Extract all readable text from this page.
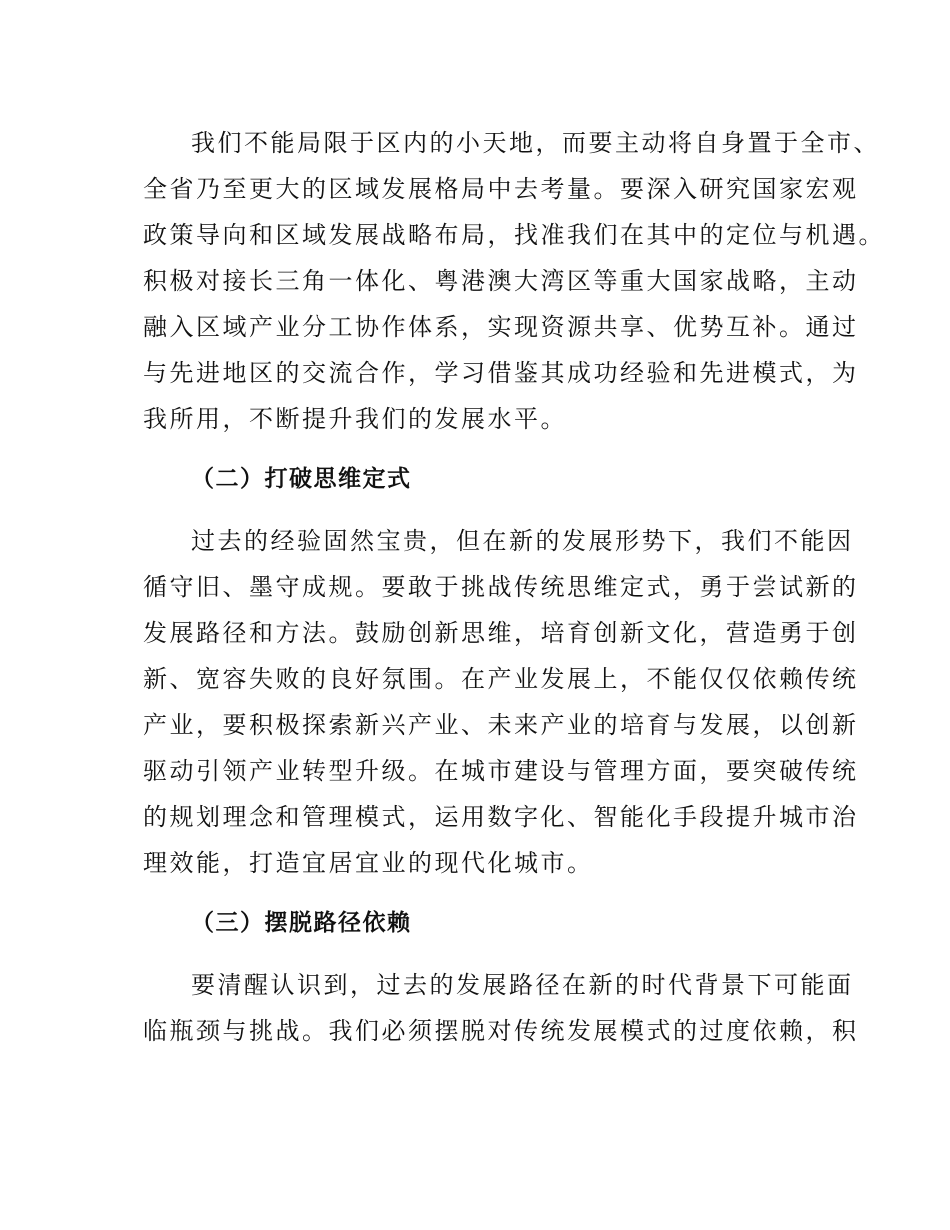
我们不能局限于区内的小天地，而要主动将自身置于全市、
全省乃至更大的区域发展格局中去考量。要深入研究国家宏观
政策导向和区域发展战略布局，找准我们在其中的定位与机遇。
积极对接长三角一体化、粤港澳大湾区等重大国家战略，主动
融入区域产业分工协作体系，实现资源共享、优势互补。通过
与先进地区的交流合作，学习借鉴其成功经验和先进模式，为
我所用，不断提升我们的发展水平。

（二）打破思维定式

过去的经验固然宝贵，但在新的发展形势下，我们不能因
循守旧、墨守成规。要敢于挑战传统思维定式，勇于尝试新的
发展路径和方法。鼓励创新思维，培育创新文化，营造勇于创
新、宽容失败的良好氛围。在产业发展上，不能仅仅依赖传统
产业，要积极探索新兴产业、未来产业的培育与发展，以创新
驱动引领产业转型升级。在城市建设与管理方面，要突破传统
的规划理念和管理模式，运用数字化、智能化手段提升城市治
理效能，打造宜居宜业的现代化城市。

（三）摆脱路径依赖

要清醒认识到，过去的发展路径在新的时代背景下可能面
临瓶颈与挑战。我们必须摆脱对传统发展模式的过度依赖，积
